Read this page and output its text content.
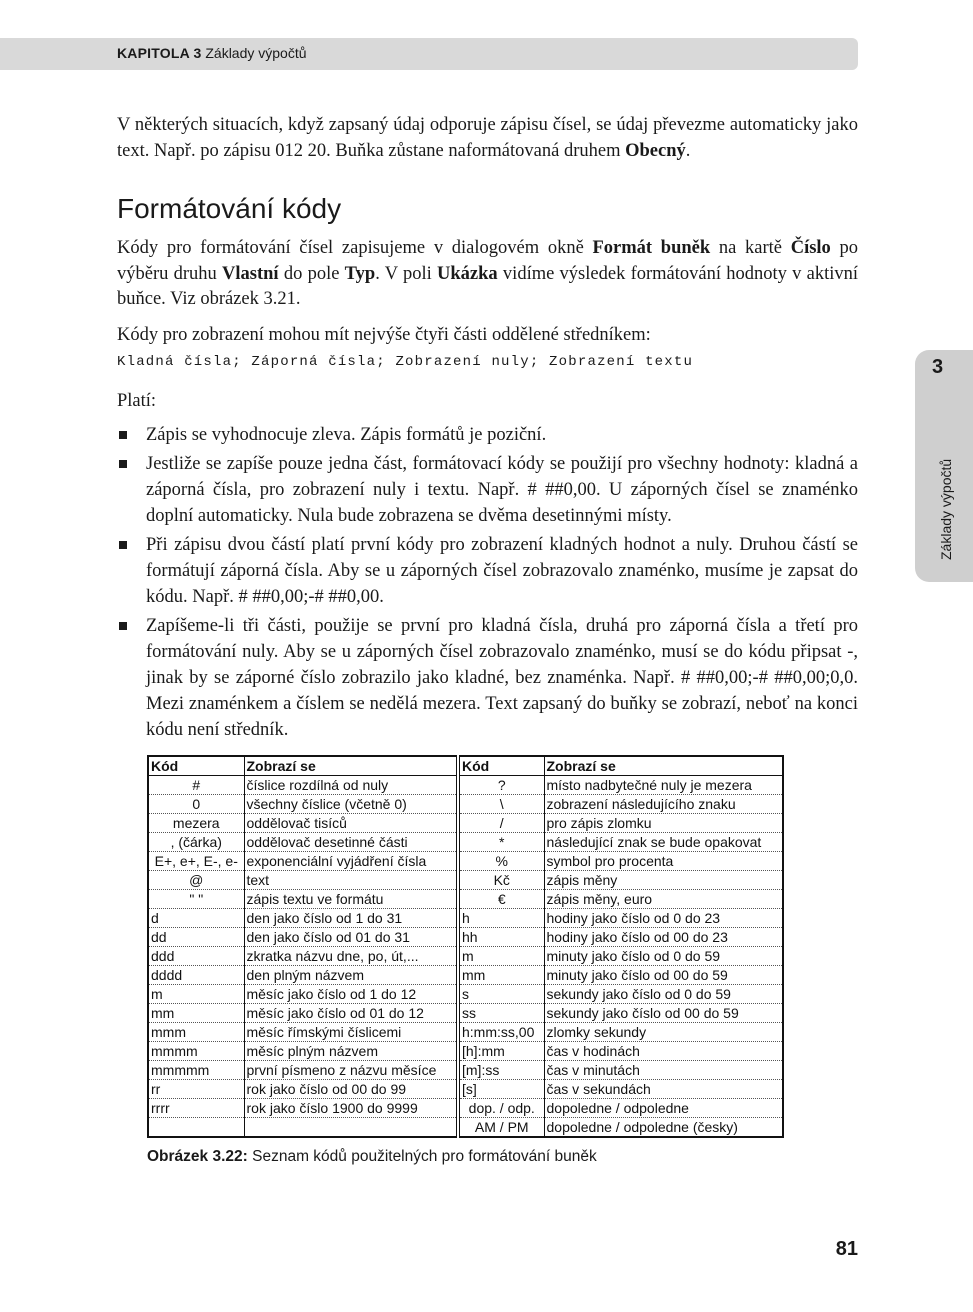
KAPITOLA 3 Základy výpočtů
3
Základy výpočtů

V některých situacích, když zapsaný údaj odporuje zápisu čísel, se údaj převezme automaticky jako text. Např. po zápisu 012 20. Buňka zůstane naformátovaná druhem Obecný.

Formátování kódy

Kódy pro formátování čísel zapisujeme v dialogovém okně Formát buněk na kartě Číslo po výběru druhu Vlastní do pole Typ. V poli Ukázka vidíme výsledek formátování hodnoty v aktivní buňce. Viz obrázek 3.21.

Kódy pro zobrazení mohou mít nejvýše čtyři části oddělené středníkem:

Kladná čísla; Záporná čísla; Zobrazení nuly; Zobrazení textu

Platí:

Zápis se vyhodnocuje zleva. Zápis formátů je poziční.
Jestliže se zapíše pouze jedna část, formátovací kódy se použijí pro všechny hodnoty: kladná a záporná čísla, pro zobrazení nuly i textu. Např. # ##0,00. U záporných čísel se znaménko doplní automaticky. Nula bude zobrazena se dvěma desetinnými místy.
Při zápisu dvou částí platí první kódy pro zobrazení kladných hodnot a nuly. Druhou částí se formátují záporná čísla. Aby se u záporných čísel zobrazovalo znaménko, musíme je zapsat do kódu. Např. # ##0,00;-# ##0,00.
Zapíšeme-li tři části, použije se první pro kladná čísla, druhá pro záporná čísla a třetí pro formátování nuly. Aby se u záporných čísel zobrazovalo znaménko, musí se do kódu připsat -, jinak by se záporné číslo zobrazilo jako kladné, bez znaménka. Např. # ##0,00;-# ##0,00;0,0. Mezi znaménkem a číslem se nedělá mezera. Text zapsaný do buňky se zobrazí, neboť na konci kódu není středník.
Kód	Zobrazí se	Kód	Zobrazí se
#	číslice rozdílná od nuly	?	místo nadbytečné nuly je mezera
0	všechny číslice (včetně 0)	\	zobrazení následujícího znaku
mezera	oddělovač tisíců	/	pro zápis zlomku
, (čárka)	oddělovač desetinné části	*	následující znak se bude opakovat
E+, e+, E-, e-	exponenciální vyjádření čísla	%	symbol pro procenta
@	text	Kč	zápis měny
" "	zápis textu ve formátu	€	zápis měny, euro
d	den jako číslo od 1 do 31	h	hodiny jako číslo od 0 do 23
dd	den jako číslo od 01 do 31	hh	hodiny jako číslo od 00 do 23
ddd	zkratka názvu dne, po, út,...	m	minuty jako číslo od 0 do 59
dddd	den plným názvem	mm	minuty jako číslo od 00 do 59
m	měsíc jako číslo od 1 do 12	s	sekundy jako číslo od 0 do 59
mm	měsíc jako číslo od 01 do 12	ss	sekundy jako číslo od 00 do 59
mmm	měsíc římskými číslicemi	h:mm:ss,00	zlomky sekundy
mmmm	měsíc plným názvem	[h]:mm	čas v hodinách
mmmmm	první písmeno z názvu měsíce	[m]:ss	čas v minutách
rr	rok jako číslo od 00 do 99	[s]	čas v sekundách
rrrr	rok jako číslo 1900 do 9999	dop. / odp.	dopoledne / odpoledne
		AM / PM	dopoledne / odpoledne (česky)
Obrázek 3.22: Seznam kódů použitelných pro formátování buněk
81
